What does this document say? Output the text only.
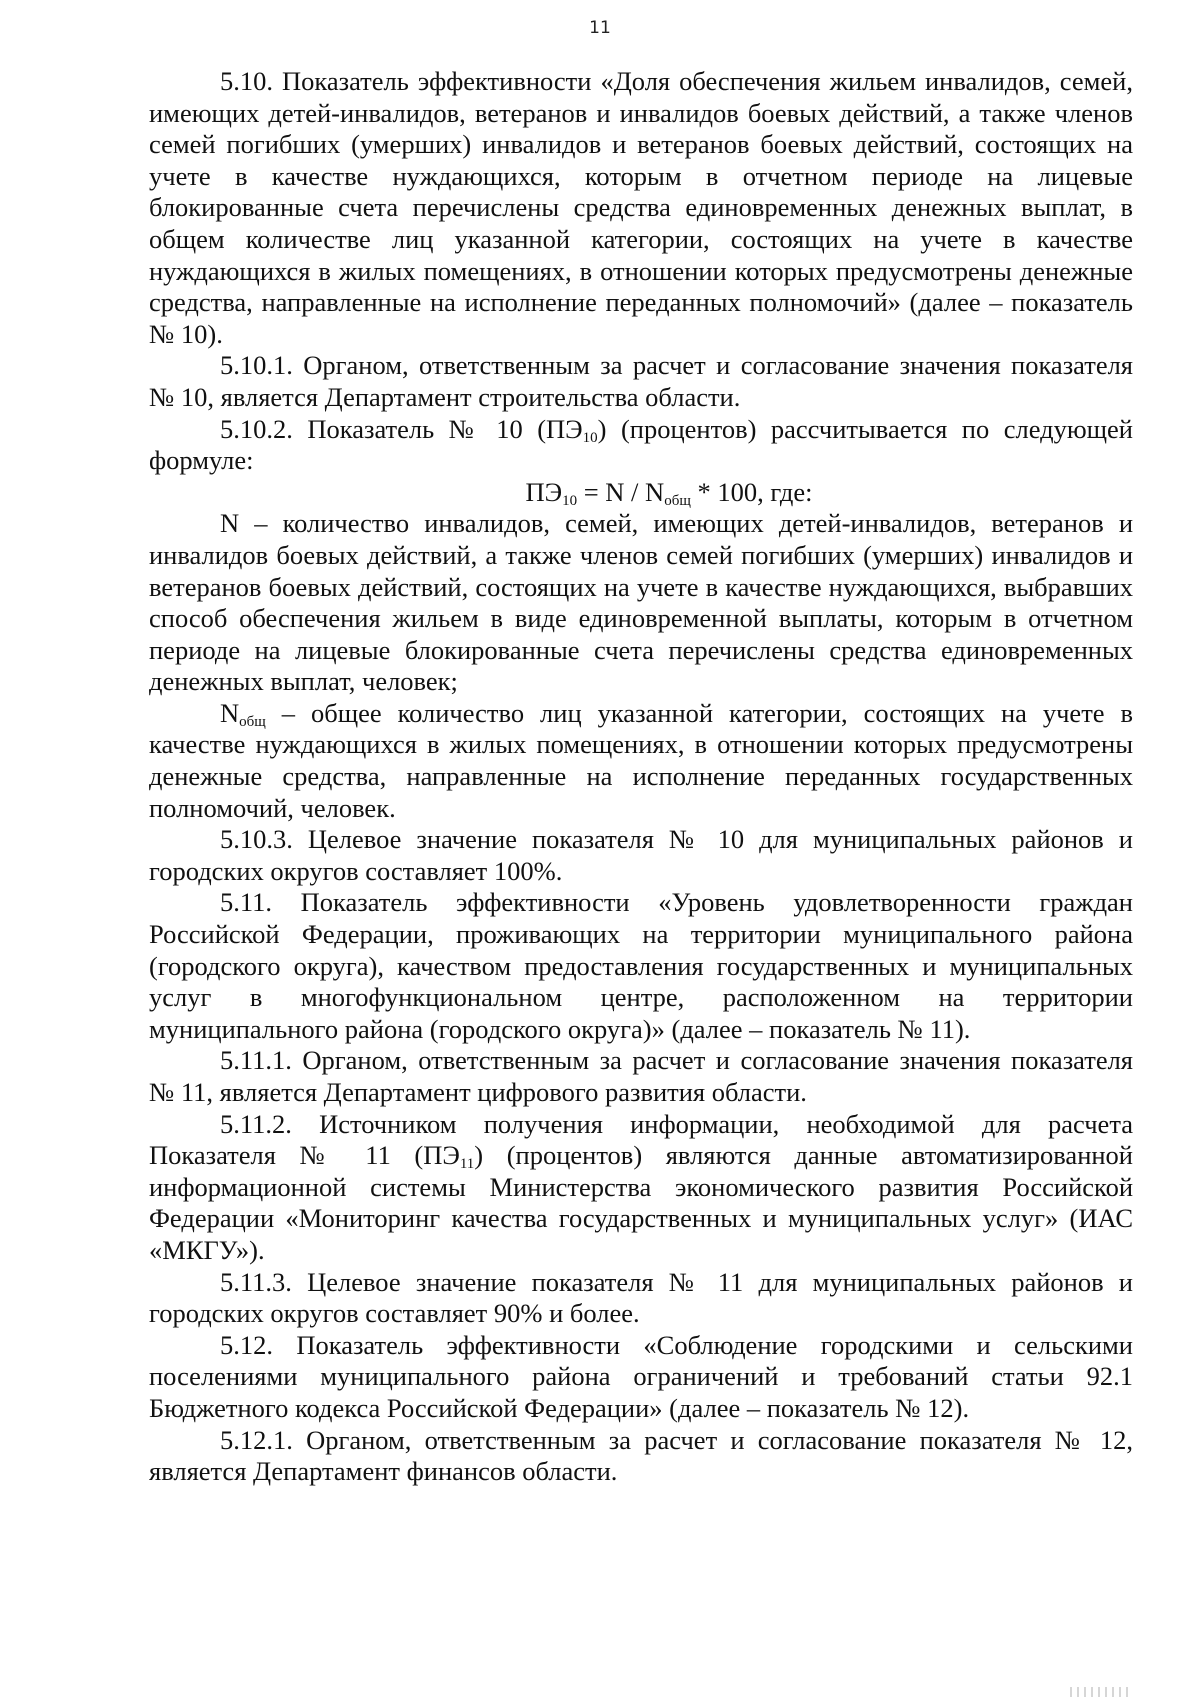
11

5.10. Показатель эффективности «Доля обеспечения жильем инвалидов, семей, имеющих детей-инвалидов, ветеранов и инвалидов боевых действий, а также членов семей погибших (умерших) инвалидов и ветеранов боевых действий, состоящих на учете в качестве нуждающихся, которым в отчетном периоде на лицевые блокированные счета перечислены средства единовременных денежных выплат, в общем количестве лиц указанной категории, состоящих на учете в качестве нуждающихся в жилых помещениях, в отношении которых предусмотрены денежные средства, направленные на исполнение переданных полномочий» (далее – показатель № 10).

5.10.1. Органом, ответственным за расчет и согласование значения показателя № 10, является Департамент строительства области.

5.10.2. Показатель № 10 $(ПЭ_{10})$ (процентов) рассчитывается по следующей формуле:

$ПЭ_{10} = N / N_{общ} * 100$, где:

N – количество инвалидов, семей, имеющих детей-инвалидов, ветеранов и инвалидов боевых действий, а также членов семей погибших (умерших) инвалидов и ветеранов боевых действий, состоящих на учете в качестве нуждающихся, выбравших способ обеспечения жильем в виде единовременной выплаты, которым в отчетном периоде на лицевые блокированные счета перечислены средства единовременных денежных выплат, человек;

$N_{общ}$ – общее количество лиц указанной категории, состоящих на учете в качестве нуждающихся в жилых помещениях, в отношении которых предусмотрены денежные средства, направленные на исполнение переданных государственных полномочий, человек.

5.10.3. Целевое значение показателя № 10 для муниципальных районов и городских округов составляет 100%.

5.11. Показатель эффективности «Уровень удовлетворенности граждан Российской Федерации, проживающих на территории муниципального района (городского округа), качеством предоставления государственных и муниципальных услуг в многофункциональном центре, расположенном на территории муниципального района (городского округа)» (далее – показатель № 11).

5.11.1. Органом, ответственным за расчет и согласование значения показателя № 11, является Департамент цифрового развития области.

5.11.2. Источником получения информации, необходимой для расчета Показателя № 11 $(ПЭ_{11})$ (процентов) являются данные автоматизированной информационной системы Министерства экономического развития Российской Федерации «Мониторинг качества государственных и муниципальных услуг» (ИАС «МКГУ»).

5.11.3. Целевое значение показателя № 11 для муниципальных районов и городских округов составляет 90% и более.

5.12. Показатель эффективности «Соблюдение городскими и сельскими поселениями муниципального района ограничений и требований статьи 92.1 Бюджетного кодекса Российской Федерации» (далее – показатель № 12).

5.12.1. Органом, ответственным за расчет и согласование показателя № 12, является Департамент финансов области.
